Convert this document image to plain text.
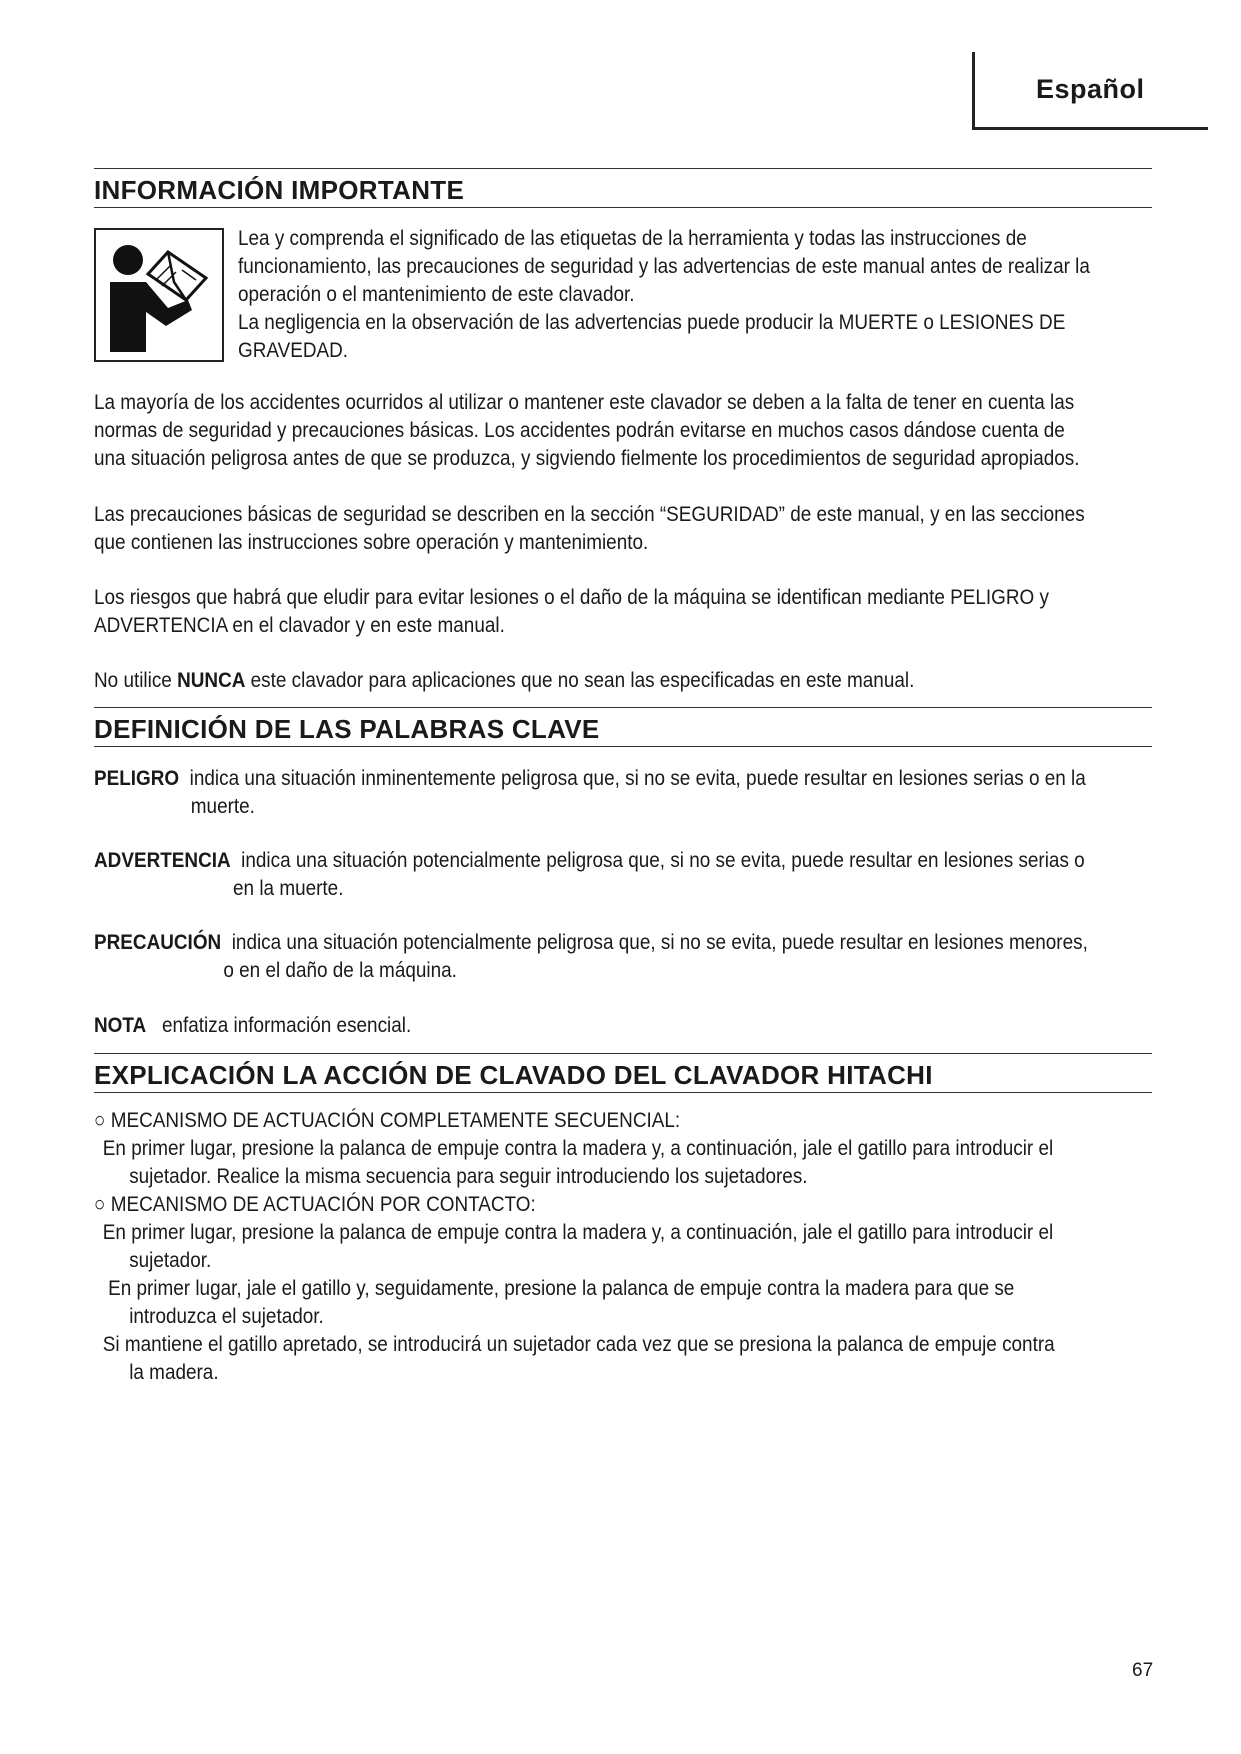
Español
INFORMACIÓN IMPORTANTE

Lea y comprenda el significado de las etiquetas de la herramienta y todas las instrucciones de

funcionamiento, las precauciones de seguridad y las advertencias de este manual antes de realizar la

operación o el mantenimiento de este clavador.

La negligencia en la observación de las advertencias puede producir la MUERTE o LESIONES DE

GRAVEDAD.

La mayoría de los accidentes ocurridos al utilizar o mantener este clavador se deben a la falta de tener en cuenta las

normas de seguridad y precauciones básicas. Los accidentes podrán evitarse en muchos casos dándose cuenta de

una situación peligrosa antes de que se produzca, y sigviendo fielmente los procedimientos de seguridad apropiados.

Las precauciones básicas de seguridad se describen en la sección “SEGURIDAD” de este manual, y en las secciones

que contienen las instrucciones sobre operación y mantenimiento.

Los riesgos que habrá que eludir para evitar lesiones o el daño de la máquina se identifican mediante PELIGRO y

ADVERTENCIA en el clavador y en este manual.

No utilice NUNCA este clavador para aplicaciones que no sean las especificadas en este manual.

DEFINICIÓN DE LAS PALABRAS CLAVE

PELIGRO indica una situación inminentemente peligrosa que, si no se evita, puede resultar en lesiones serias o en la

muerte.

ADVERTENCIA indica una situación potencialmente peligrosa que, si no se evita, puede resultar en lesiones serias o

en la muerte.

PRECAUCIÓN indica una situación potencialmente peligrosa que, si no se evita, puede resultar en lesiones menores,

o en el daño de la máquina.

NOTA enfatiza información esencial.

EXPLICACIÓN LA ACCIÓN DE CLAVADO DEL CLAVADOR HITACHI

○ MECANISMO DE ACTUACIÓN COMPLETAMENTE SECUENCIAL:

En primer lugar, presione la palanca de empuje contra la madera y, a continuación, jale el gatillo para introducir el

sujetador. Realice la misma secuencia para seguir introduciendo los sujetadores.

○ MECANISMO DE ACTUACIÓN POR CONTACTO:

En primer lugar, presione la palanca de empuje contra la madera y, a continuación, jale el gatillo para introducir el

sujetador.

En primer lugar, jale el gatillo y, seguidamente, presione la palanca de empuje contra la madera para que se

introduzca el sujetador.

Si mantiene el gatillo apretado, se introducirá un sujetador cada vez que se presiona la palanca de empuje contra

la madera.

67
